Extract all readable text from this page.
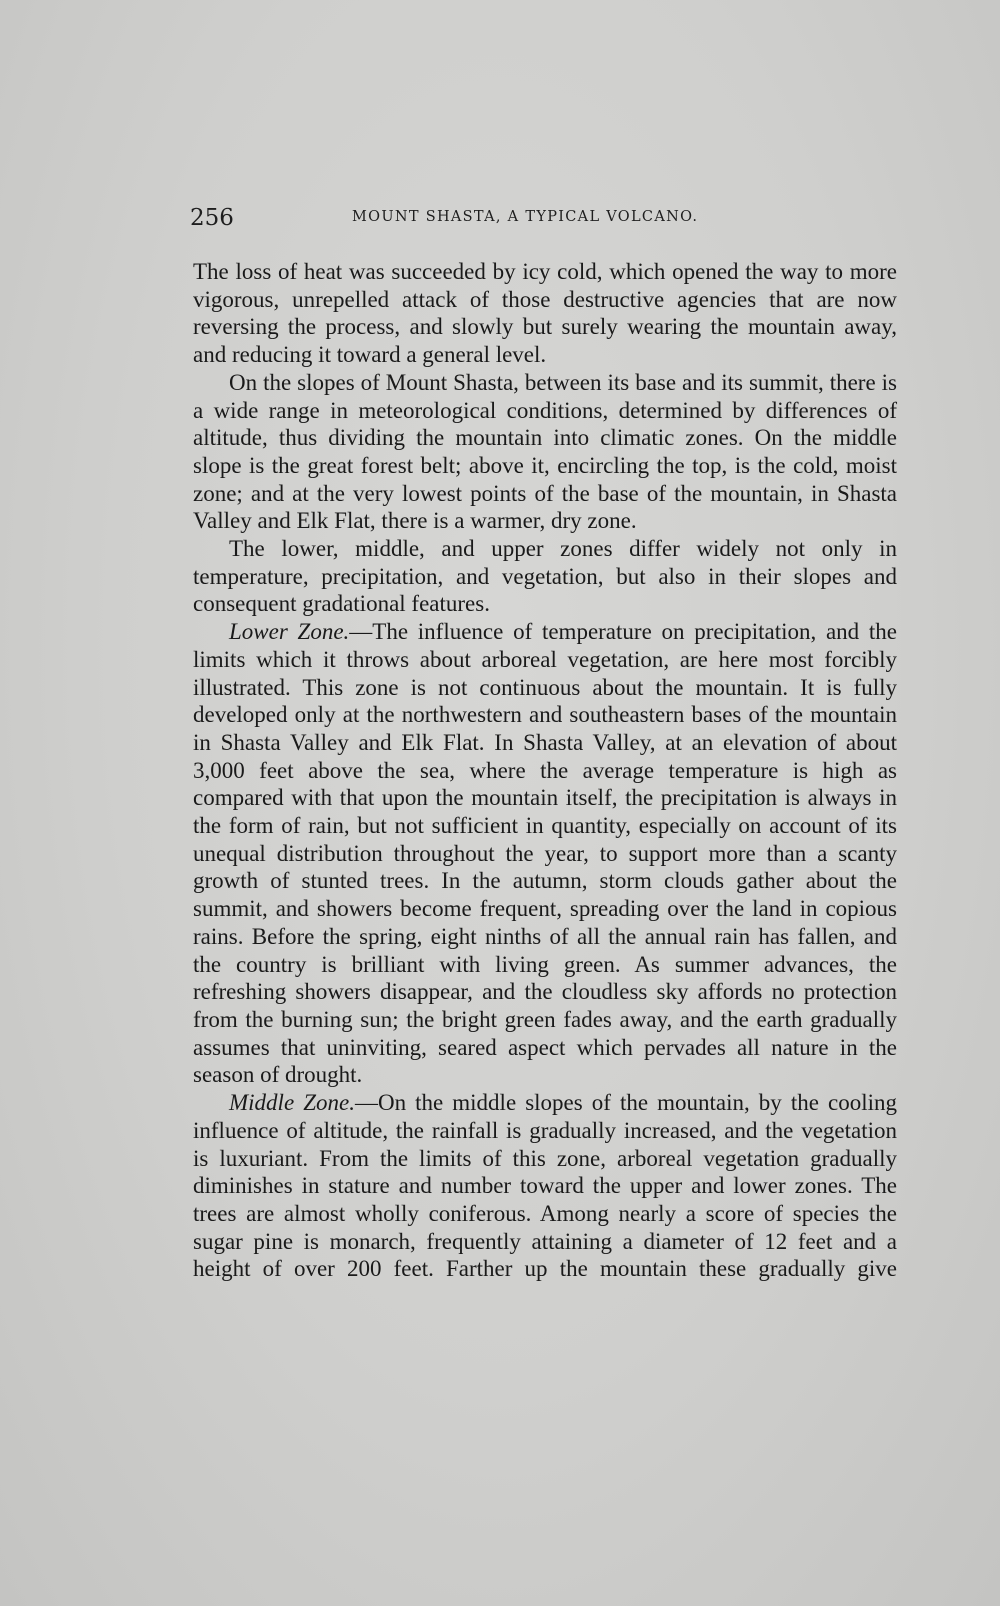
256	MOUNT SHASTA, A TYPICAL VOLCANO.

The loss of heat was succeeded by icy cold, which opened the way to more vigorous, unrepelled attack of those destructive agencies that are now reversing the process, and slowly but surely wearing the mountain away, and reducing it toward a general level.

On the slopes of Mount Shasta, between its base and its summit, there is a wide range in meteorological conditions, determined by differences of altitude, thus dividing the mountain into climatic zones. On the middle slope is the great forest belt; above it, encircling the top, is the cold, moist zone; and at the very lowest points of the base of the mountain, in Shasta Valley and Elk Flat, there is a warmer, dry zone.

The lower, middle, and upper zones differ widely not only in temperature, precipitation, and vegetation, but also in their slopes and consequent gradational features.

Lower Zone.—The influence of temperature on precipitation, and the limits which it throws about arboreal vegetation, are here most forcibly illustrated. This zone is not continuous about the mountain. It is fully developed only at the northwestern and southeastern bases of the mountain in Shasta Valley and Elk Flat. In Shasta Valley, at an elevation of about 3,000 feet above the sea, where the average temperature is high as compared with that upon the mountain itself, the precipitation is always in the form of rain, but not sufficient in quantity, especially on account of its unequal distribution throughout the year, to support more than a scanty growth of stunted trees. In the autumn, storm clouds gather about the summit, and showers become frequent, spreading over the land in copious rains. Before the spring, eight ninths of all the annual rain has fallen, and the country is brilliant with living green. As summer advances, the refreshing showers disappear, and the cloudless sky affords no protection from the burning sun; the bright green fades away, and the earth gradually assumes that uninviting, seared aspect which pervades all nature in the season of drought.

Middle Zone.—On the middle slopes of the mountain, by the cooling influence of altitude, the rainfall is gradually increased, and the vegetation is luxuriant. From the limits of this zone, arboreal vegetation gradually diminishes in stature and number toward the upper and lower zones. The trees are almost wholly coniferous. Among nearly a score of species the sugar pine is monarch, frequently attaining a diameter of 12 feet and a height of over 200 feet. Farther up the mountain these gradually give
